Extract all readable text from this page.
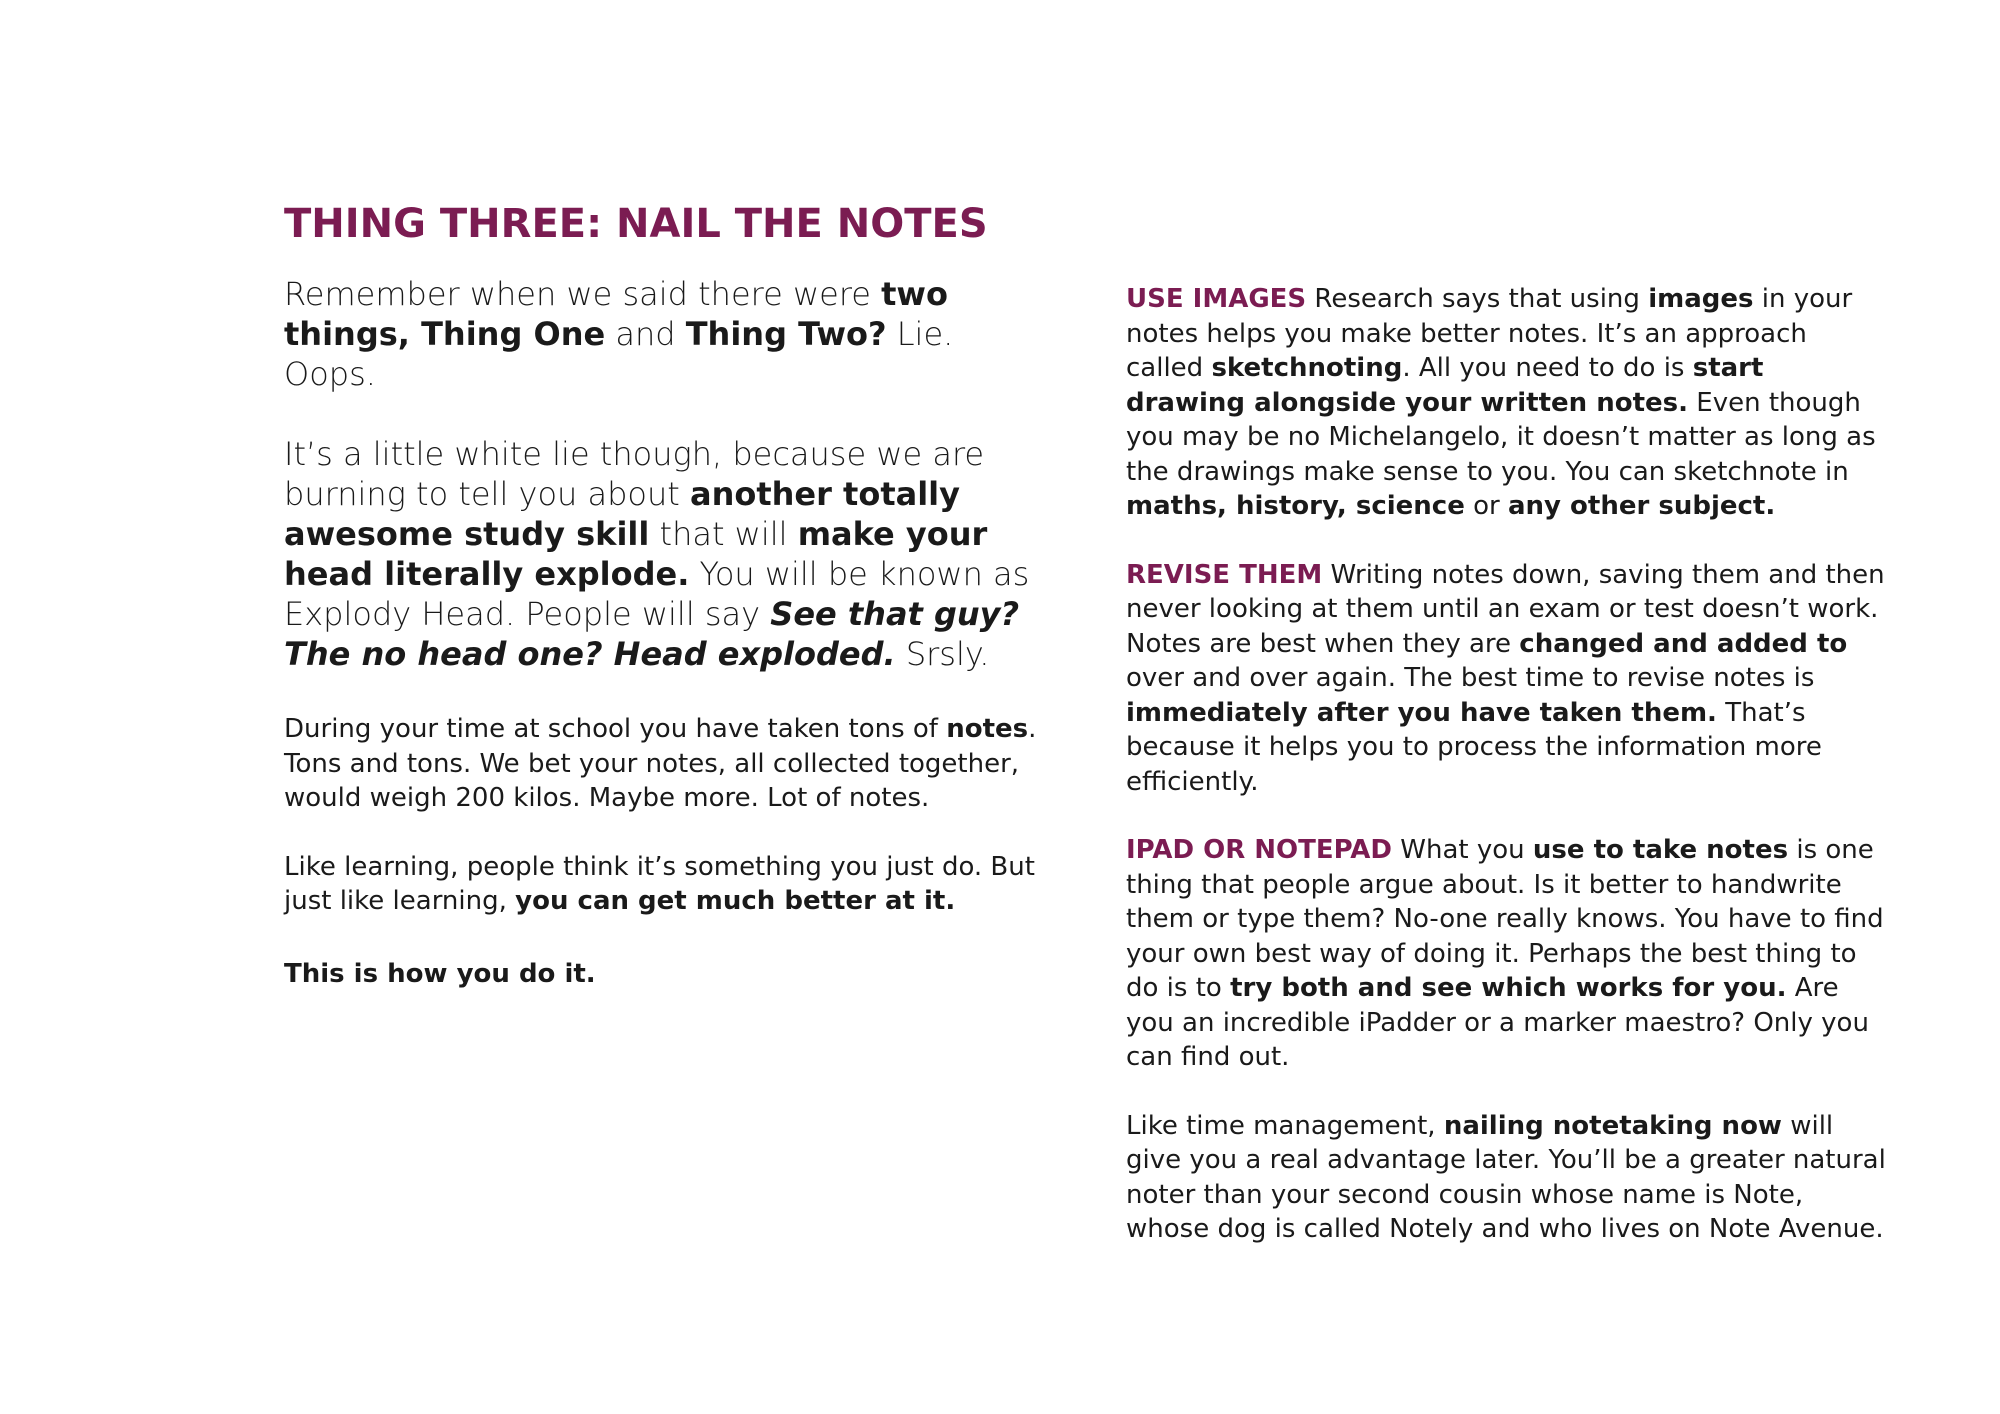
THING THREE: NAIL THE NOTES

Remember when we said there were two things, Thing One and Thing Two? Lie. Oops.

It’s a little white lie though, because we are burning to tell you about another totally awesome study skill that will make your head literally explode. You will be known as Explody Head. People will say See that guy? The no head one? Head exploded. Srsly.

During your time at school you have taken tons of notes. Tons and tons. We bet your notes, all collected together, would weigh 200 kilos. Maybe more. Lot of notes.

Like learning, people think it’s something you just do. But just like learning, you can get much better at it.

This is how you do it.

USE IMAGES Research says that using images in your notes helps you make better notes. It’s an approach called sketchnoting. All you need to do is start drawing alongside your written notes. Even though you may be no Michelangelo, it doesn’t matter as long as the drawings make sense to you. You can sketchnote in maths, history, science or any other subject.

REVISE THEM Writing notes down, saving them and then never looking at them until an exam or test doesn’t work. Notes are best when they are changed and added to over and over again. The best time to revise notes is immediately after you have taken them. That’s because it helps you to process the information more efficiently.

IPAD OR NOTEPAD What you use to take notes is one thing that people argue about. Is it better to handwrite them or type them? No-one really knows. You have to find your own best way of doing it. Perhaps the best thing to do is to try both and see which works for you. Are you an incredible iPadder or a marker maestro? Only you can find out.

Like time management, nailing notetaking now will give you a real advantage later. You’ll be a greater natural noter than your second cousin whose name is Note, whose dog is called Notely and who lives on Note Avenue.
